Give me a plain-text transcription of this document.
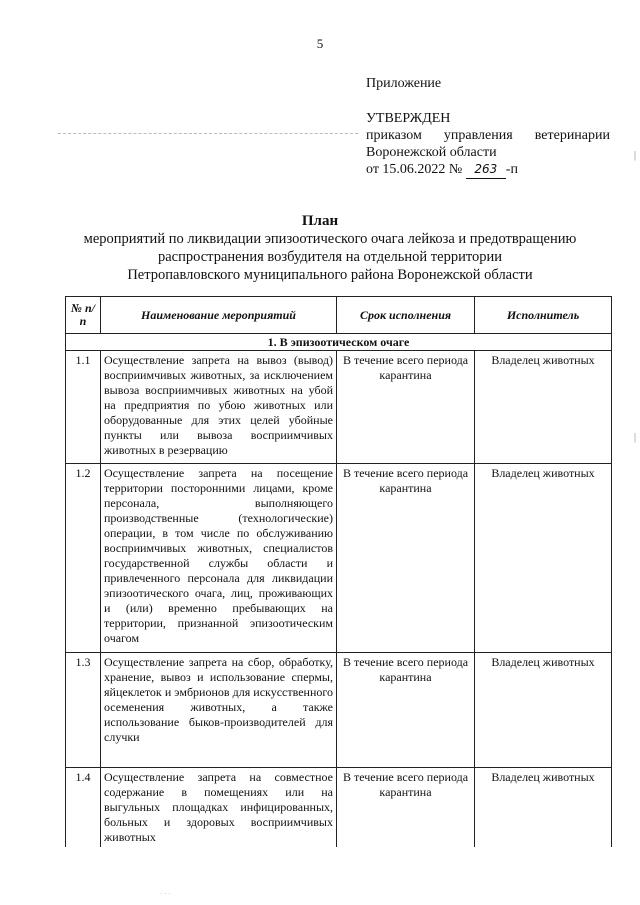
5
Приложение
УТВЕРЖДЕН
приказом управления ветеринарии
Воронежской области
от 15.06.2022 № 263 -п
|
|
План
мероприятий по ликвидации эпизоотического очага лейкоза и предотвращению
распространения возбудителя на отдельной территории
Петропавловского муниципального района Воронежской области
№ п/п	Наименование мероприятий	Срок исполнения	Исполнитель
1. В эпизоотическом очаге			
1.1	Осуществление запрета на вывоз (вывод) восприимчивых животных, за исключением вывоза восприимчивых животных на убой на предприятия по убою животных или оборудованные для этих целей убойные пункты или вывоза восприимчивых животных в резервацию	В течение всего периода карантина	Владелец животных
1.2	Осуществление запрета на посещение территории посторонними лицами, кроме персонала, выполняющего производственные (технологические) операции, в том числе по обслуживанию восприимчивых животных, специалистов государственной службы области и привлеченного персонала для ликвидации эпизоотического очага, лиц, проживающих и (или) временно пребывающих на территории, признанной эпизоотическим очагом	В течение всего периода карантина	Владелец животных
1.3	Осуществление запрета на сбор, обработку, хранение, вывоз и использование спермы, яйцеклеток и эмбрионов для искусственного осеменения животных, а также использование быков-производителей для случки	В течение всего периода карантина	Владелец животных
1.4	Осуществление запрета на совместное содержание в помещениях или на выгульных площадках инфицированных, больных и здоровых восприимчивых животных	В течение всего периода карантина	Владелец животных
· · ·
